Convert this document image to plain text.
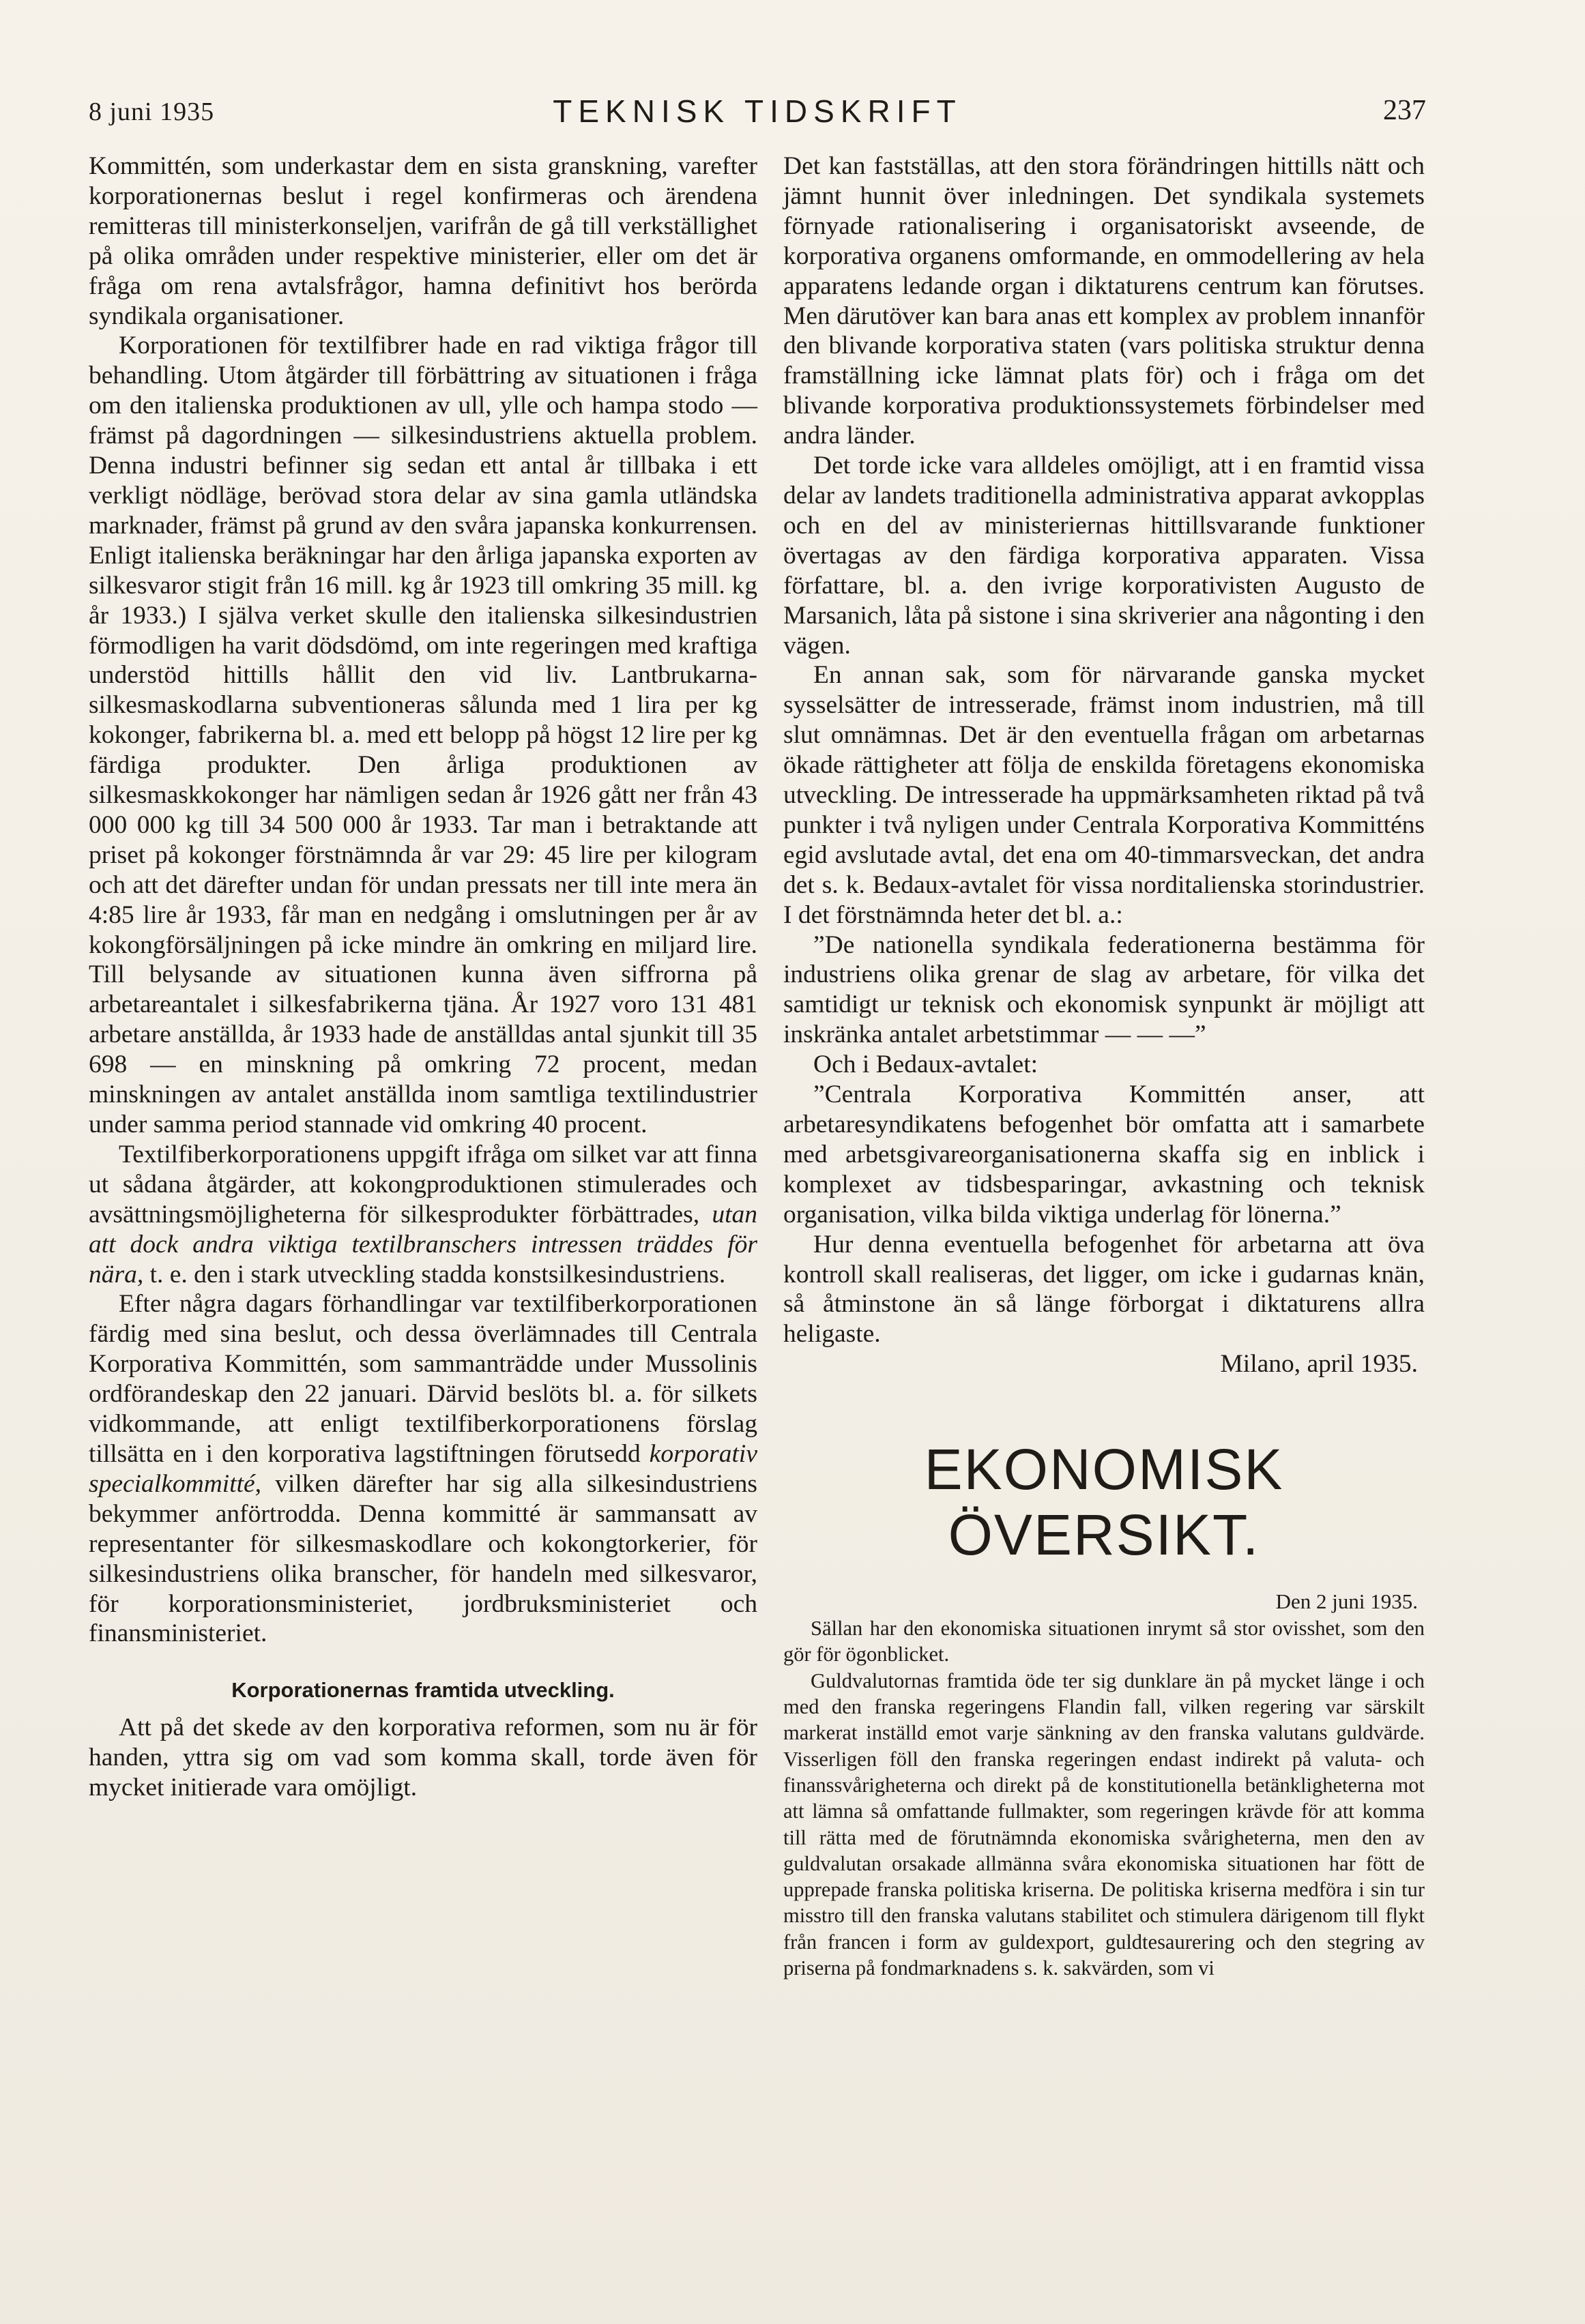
8 juni 1935	TEKNISK TIDSKRIFT	237

Kommittén, som underkastar dem en sista granskning, varefter korporationernas beslut i regel konfirmeras och ärendena remitteras till ministerkonseljen, varifrån de gå till verkställighet på olika områden under respektive ministerier, eller om det är fråga om rena avtalsfrågor, hamna definitivt hos berörda syndikala organisationer.

Korporationen för textilfibrer hade en rad viktiga frågor till behandling. Utom åtgärder till förbättring av situationen i fråga om den italienska produktionen av ull, ylle och hampa stodo — främst på dagordningen — silkesindustriens aktuella problem. Denna industri befinner sig sedan ett antal år tillbaka i ett verkligt nödläge, berövad stora delar av sina gamla utländska marknader, främst på grund av den svåra japanska konkurrensen. Enligt italienska beräkningar har den årliga japanska exporten av silkesvaror stigit från 16 mill. kg år 1923 till omkring 35 mill. kg år 1933.) I själva verket skulle den italienska silkesindustrien förmodligen ha varit dödsdömd, om inte regeringen med kraftiga understöd hittills hållit den vid liv. Lantbrukarna-silkesmaskodlarna subventioneras sålunda med 1 lira per kg kokonger, fabrikerna bl. a. med ett belopp på högst 12 lire per kg färdiga produkter. Den årliga produktionen av silkesmaskkokonger har nämligen sedan år 1926 gått ner från 43 000 000 kg till 34 500 000 år 1933. Tar man i betraktande att priset på kokonger förstnämnda år var 29: 45 lire per kilogram och att det därefter undan för undan pressats ner till inte mera än 4:85 lire år 1933, får man en nedgång i omslutningen per år av kokongförsäljningen på icke mindre än omkring en miljard lire. Till belysande av situationen kunna även siffrorna på arbetareantalet i silkesfabrikerna tjäna. År 1927 voro 131 481 arbetare anställda, år 1933 hade de anställdas antal sjunkit till 35 698 — en minskning på omkring 72 procent, medan minskningen av antalet anställda inom samtliga textilindustrier under samma period stannade vid omkring 40 procent.

Textilfiberkorporationens uppgift ifråga om silket var att finna ut sådana åtgärder, att kokongproduktionen stimulerades och avsättningsmöjligheterna för silkesprodukter förbättrades, utan att dock andra viktiga textilbranschers intressen träddes för nära, t. e. den i stark utveckling stadda konstsilkesindustriens.

Efter några dagars förhandlingar var textilfiberkorporationen färdig med sina beslut, och dessa överlämnades till Centrala Korporativa Kommittén, som sammanträdde under Mussolinis ordförandeskap den 22 januari. Därvid beslöts bl. a. för silkets vidkommande, att enligt textilfiberkorporationens förslag tillsätta en i den korporativa lagstiftningen förutsedd korporativ specialkommitté, vilken därefter har sig alla silkesindustriens bekymmer anförtrodda. Denna kommitté är sammansatt av representanter för silkesmaskodlare och kokongtorkerier, för silkesindustriens olika branscher, för handeln med silkesvaror, för korporationsministeriet, jordbruksministeriet och finansministeriet.

Korporationernas framtida utveckling.

Att på det skede av den korporativa reformen, som nu är för handen, yttra sig om vad som komma skall, torde även för mycket initierade vara omöjligt.

Det kan fastställas, att den stora förändringen hittills nätt och jämnt hunnit över inledningen. Det syndikala systemets förnyade rationalisering i organisatoriskt avseende, de korporativa organens omformande, en ommodellering av hela apparatens ledande organ i diktaturens centrum kan förutses. Men därutöver kan bara anas ett komplex av problem innanför den blivande korporativa staten (vars politiska struktur denna framställning icke lämnat plats för) och i fråga om det blivande korporativa produktionssystemets förbindelser med andra länder.

Det torde icke vara alldeles omöjligt, att i en framtid vissa delar av landets traditionella administrativa apparat avkopplas och en del av ministeriernas hittillsvarande funktioner övertagas av den färdiga korporativa apparaten. Vissa författare, bl. a. den ivrige korporativisten Augusto de Marsanich, låta på sistone i sina skriverier ana någonting i den vägen.

En annan sak, som för närvarande ganska mycket sysselsätter de intresserade, främst inom industrien, må till slut omnämnas. Det är den eventuella frågan om arbetarnas ökade rättigheter att följa de enskilda företagens ekonomiska utveckling. De intresserade ha uppmärksamheten riktad på två punkter i två nyligen under Centrala Korporativa Kommitténs egid avslutade avtal, det ena om 40-timmarsveckan, det andra det s. k. Bedaux-avtalet för vissa norditalienska storindustrier. I det förstnämnda heter det bl. a.:

”De nationella syndikala federationerna bestämma för industriens olika grenar de slag av arbetare, för vilka det samtidigt ur teknisk och ekonomisk synpunkt är möjligt att inskränka antalet arbetstimmar — — —”

Och i Bedaux-avtalet:

”Centrala Korporativa Kommittén anser, att arbetaresyndikatens befogenhet bör omfatta att i samarbete med arbetsgivareorganisationerna skaffa sig en inblick i komplexet av tidsbesparingar, avkastning och teknisk organisation, vilka bilda viktiga underlag för lönerna.”

Hur denna eventuella befogenhet för arbetarna att öva kontroll skall realiseras, det ligger, om icke i gudarnas knän, så åtminstone än så länge förborgat i diktaturens allra heligaste.

Milano, april 1935.

EKONOMISK ÖVERSIKT.

Den 2 juni 1935.

Sällan har den ekonomiska situationen inrymt så stor ovisshet, som den gör för ögonblicket.

Guldvalutornas framtida öde ter sig dunklare än på mycket länge i och med den franska regeringens Flandin fall, vilken regering var särskilt markerat inställd emot varje sänkning av den franska valutans guldvärde. Visserligen föll den franska regeringen endast indirekt på valuta- och finanssvårigheterna och direkt på de konstitutionella betänkligheterna mot att lämna så omfattande fullmakter, som regeringen krävde för att komma till rätta med de förutnämnda ekonomiska svårigheterna, men den av guldvalutan orsakade allmänna svåra ekonomiska situationen har fött de upprepade franska politiska kriserna. De politiska kriserna medföra i sin tur misstro till den franska valutans stabilitet och stimulera därigenom till flykt från francen i form av guldexport, guldtesaurering och den stegring av priserna på fondmarknadens s. k. sakvärden, som vi
